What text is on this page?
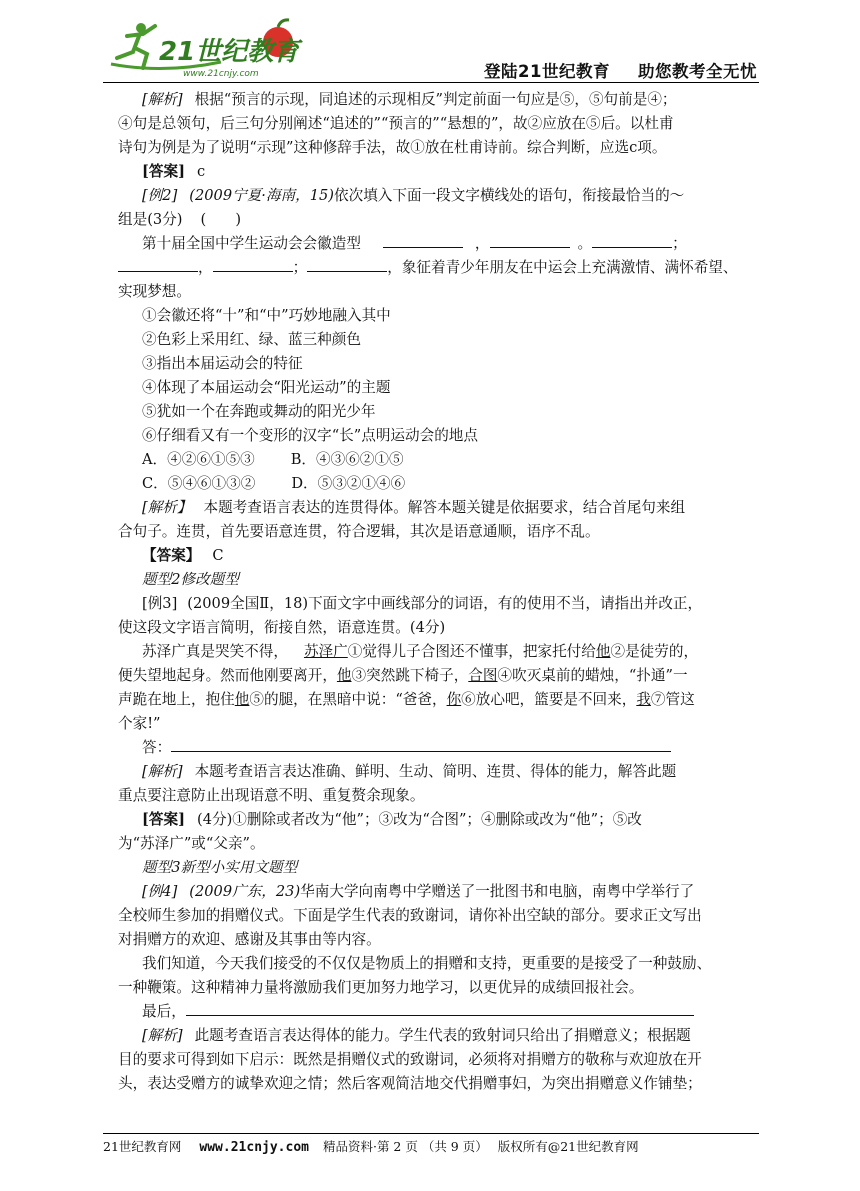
21世纪教育
www.21cnjy.com	登陆21世纪教育 助您教考全无忧
[解析] 根据“预言的示现，同追述的示现相反”判定前面一句应是⑤，⑤句前是④；
④句是总领句，后三句分别阐述“追述的”“预言的”“悬想的”，故②应放在⑤后。以杜甫
诗句为例是为了说明“示现”这种修辞手法，故①放在杜甫诗前。综合判断，应选c项。
[答案] c
[例2] (2009宁夏·海南，15)依次填入下面一段文字横线处的语句，衔接最恰当的～
组是(3分) (　　)
第十届全国中学生运动会会徽造型	，	。	；
，	；	，象征着青少年朋友在中运会上充满激情、满怀希望、
实现梦想。
①会徽还将“十”和“中”巧妙地融入其中
②色彩上采用红、绿、蓝三种颜色
③指出本届运动会的特征
④体现了本届运动会“阳光运动”的主题
⑤犹如一个在奔跑或舞动的阳光少年
⑥仔细看又有一个变形的汉字“长”点明运动会的地点
A．④②⑥①⑤③ B．④③⑥②①⑤
C．⑤④⑥①③② D．⑤③②①④⑥
[解析】 本题考查语言表达的连贯得体。解答本题关键是依据要求，结合首尾句来组
合句子。连贯，首先要语意连贯，符合逻辑，其次是语意通顺，语序不乱。
【答案】 C
题型2修改题型
[例3] (2009全国Ⅱ，18)下面文字中画线部分的词语，有的使用不当，请指出并改正，
使这段文字语言简明，衔接自然，语意连贯。(4分)
苏泽广真是哭笑不得， 苏泽广①觉得儿子合图还不懂事，把家托付给他②是徒劳的，
便失望地起身。然而他刚要离开，他③突然跳下椅子，合图④吹灭桌前的蜡烛，“扑通”一
声跪在地上，抱住他⑤的腿，在黑暗中说：“爸爸，你⑥放心吧，篮要是不回来，我⑦管这
个家!”
答：
[解析] 本题考查语言表达准确、鲜明、生动、简明、连贯、得体的能力，解答此题
重点要注意防止出现语意不明、重复赘余现象。
[答案] (4分)①删除或者改为“他”；③改为“合图”；④删除或改为“他”；⑤改
为“苏泽广”或“父亲”。
题型3新型小实用文题型
[例4] (2009广东，23)华南大学向南粤中学赠送了一批图书和电脑，南粤中学举行了
全校师生参加的捐赠仪式。下面是学生代表的致谢词，请你补出空缺的部分。要求正文写出
对捐赠方的欢迎、感谢及其事由等内容。
我们知道，今天我们接受的不仅仅是物质上的捐赠和支持，更重要的是接受了一种鼓励、
一种鞭策。这种精神力量将激励我们更加努力地学习，以更优异的成绩回报社会。
最后，
[解析] 此题考查语言表达得体的能力。学生代表的致射词只给出了捐赠意义；根据题
目的要求可得到如下启示：既然是捐赠仪式的致谢词，必须将对捐赠方的敬称与欢迎放在开
头，表达受赠方的诚挚欢迎之情；然后客观简洁地交代捐赠事妇，为突出捐赠意义作铺垫；
21世纪教育网 www.21cnjy.com 精品资料·第 2 页 （共 9 页） 版权所有@21世纪教育网
